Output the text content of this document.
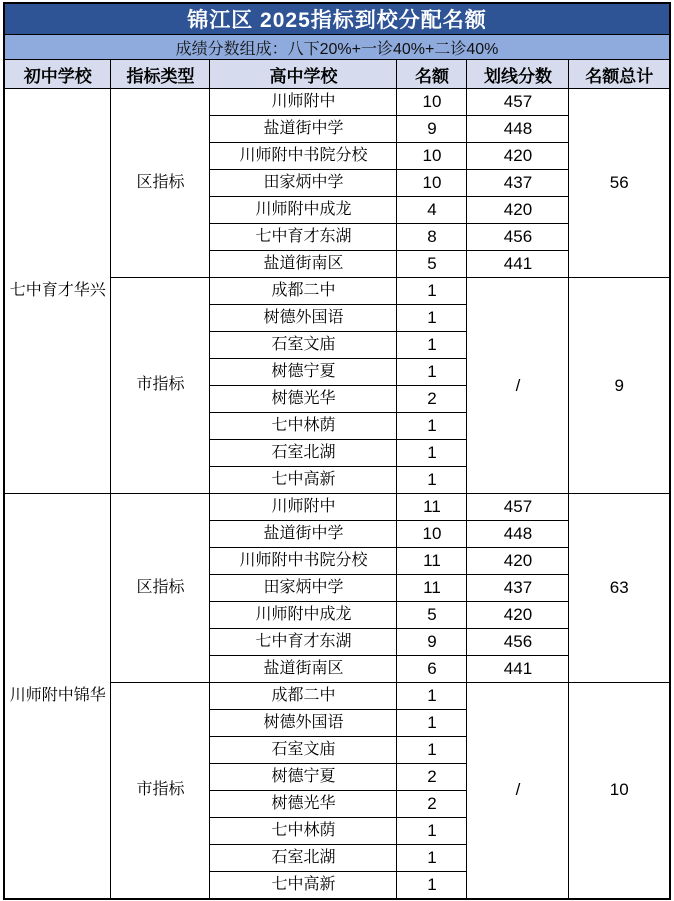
锦江区 2025指标到校分配名额					
成绩分数组成：八下20%+一诊40%+二诊40%					
初中学校	指标类型	高中学校	名额	划线分数	名额总计
七中育才华兴	区指标	川师附中	10	457	56
		盐道街中学	9	448	
		川师附中书院分校	10	420	
		田家炳中学	10	437	
		川师附中成龙	4	420	
		七中育才东湖	8	456	
		盐道街南区	5	441	
	市指标	成都二中	1	/	9
		树德外国语	1		
		石室文庙	1		
		树德宁夏	1		
		树德光华	2		
		七中林荫	1		
		石室北湖	1		
		七中高新	1		
川师附中锦华	区指标	川师附中	11	457	63
		盐道街中学	10	448	
		川师附中书院分校	11	420	
		田家炳中学	11	437	
		川师附中成龙	5	420	
		七中育才东湖	9	456	
		盐道街南区	6	441	
	市指标	成都二中	1	/	10
		树德外国语	1		
		石室文庙	1		
		树德宁夏	2		
		树德光华	2		
		七中林荫	1		
		石室北湖	1		
		七中高新	1		
